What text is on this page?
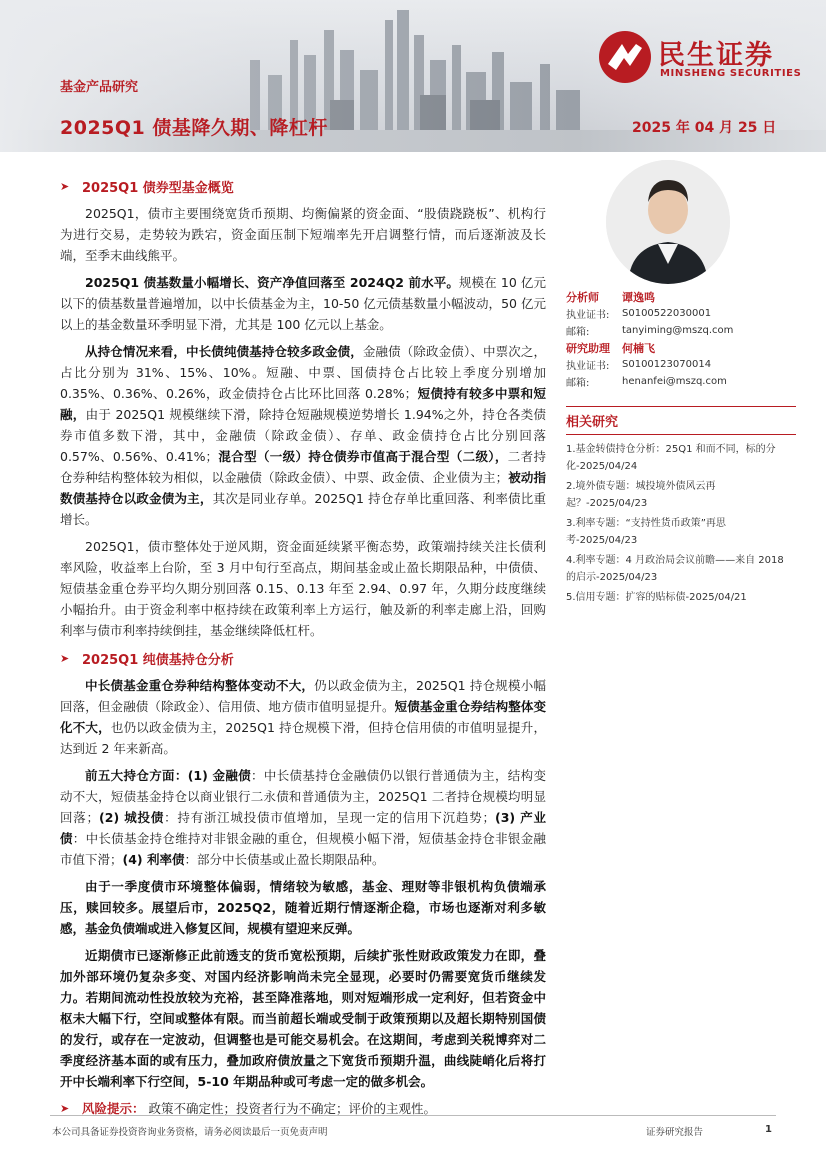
基金产品研究
2025Q1 债基降久期、降杠杆	2025 年 04 月 25 日
民生证券
MINSHENG SECURITIES
➤ 2025Q1 债券型基金概览

2025Q1，债市主要围绕宽货币预期、均衡偏紧的资金面、“股债跷跷板”、机构行为进行交易，走势较为跌宕，资金面压制下短端率先开启调整行情，而后逐渐波及长端，至季末曲线熊平。

2025Q1 债基数量小幅增长、资产净值回落至 2024Q2 前水平。规模在 10 亿元以下的债基数量普遍增加，以中长债基金为主，10-50 亿元债基数量小幅波动，50 亿元以上的基金数量环季明显下滑，尤其是 100 亿元以上基金。

从持仓情况来看，中长债纯债基持仓较多政金债，金融债（除政金债）、中票次之，占比分别为 31%、15%、10%。短融、中票、国债持仓占比较上季度分别增加 0.35%、0.36%、0.26%，政金债持仓占比环比回落 0.28%；短债持有较多中票和短融，由于 2025Q1 规模继续下滑，除持仓短融规模逆势增长 1.94%之外，持仓各类债券市值多数下滑，其中，金融债（除政金债）、存单、政金债持仓占比分别回落 0.57%、0.56%、0.41%；混合型（一级）持仓债券市值高于混合型（二级），二者持仓券种结构整体较为相似，以金融债（除政金债）、中票、政金债、企业债为主；被动指数债基持仓以政金债为主，其次是同业存单。2025Q1 持仓存单比重回落、利率债比重增长。

2025Q1，债市整体处于逆风期，资金面延续紧平衡态势，政策端持续关注长债利率风险，收益率上台阶，至 3 月中旬行至高点，期间基金或止盈长期限品种，中债债、短债基金重仓券平均久期分别回落 0.15、0.13 年至 2.94、0.97 年，久期分歧度继续小幅抬升。由于资金利率中枢持续在政策利率上方运行，触及新的利率走廊上沿，回购利率与债市利率持续倒挂，基金继续降低杠杆。

➤ 2025Q1 纯债基持仓分析

中长债基金重仓券种结构整体变动不大，仍以政金债为主，2025Q1 持仓规模小幅回落，但金融债（除政金）、信用债、地方债市值明显提升。短债基金重仓券结构整体变化不大，也仍以政金债为主，2025Q1 持仓规模下滑，但持仓信用债的市值明显提升，达到近 2 年来新高。

前五大持仓方面：(1) 金融债：中长债基持仓金融债仍以银行普通债为主，结构变动不大，短债基金持仓以商业银行二永债和普通债为主，2025Q1 二者持仓规模均明显回落；(2) 城投债：持有浙江城投债市值增加，呈现一定的信用下沉趋势；(3) 产业债：中长债基金持仓维持对非银金融的重仓，但规模小幅下滑，短债基金持仓非银金融市值下滑；(4) 利率债：部分中长债基或止盈长期限品种。

由于一季度债市环境整体偏弱，情绪较为敏感，基金、理财等非银机构负债端承压，赎回较多。展望后市，2025Q2，随着近期行情逐渐企稳，市场也逐渐对利多敏感，基金负债端或进入修复区间，规模有望迎来反弹。

近期债市已逐渐修正此前透支的货币宽松预期，后续扩张性财政政策发力在即，叠加外部环境仍复杂多变、对国内经济影响尚未完全显现，必要时仍需要宽货币继续发力。若期间流动性投放较为充裕，甚至降准落地，则对短端形成一定利好，但若资金中枢未大幅下行，空间或整体有限。而当前超长端或受制于政策预期以及超长期特别国债的发行，或存在一定波动，但调整也是可能交易机会。在这期间，考虑到关税博弈对二季度经济基本面的或有压力，叠加政府债放量之下宽货币预期升温，曲线陡峭化后将打开中长端利率下行空间，5-10 年期品种或可考虑一定的做多机会。

➤	风险提示： 政策不确定性；投资者行为不确定；评价的主观性。
分析师	谭逸鸣
执业证书:	S0100522030001
邮箱:	tanyiming@mszq.com
研究助理	何楠飞
执业证书:	S0100123070014
邮箱:	henanfei@mszq.com
相关研究
1.基金转债持仓分析：25Q1 和而不同，标的分化-2025/04/24
2.境外债专题：城投境外债风云再起？-2025/04/23
3.利率专题：“支持性货币政策”再思考-2025/04/23
4.利率专题：4 月政治局会议前瞻——来自 2018 的启示-2025/04/23
5.信用专题：扩容的贴标债-2025/04/21
本公司具备证券投资咨询业务资格，请务必阅读最后一页免责声明	证券研究报告	1
